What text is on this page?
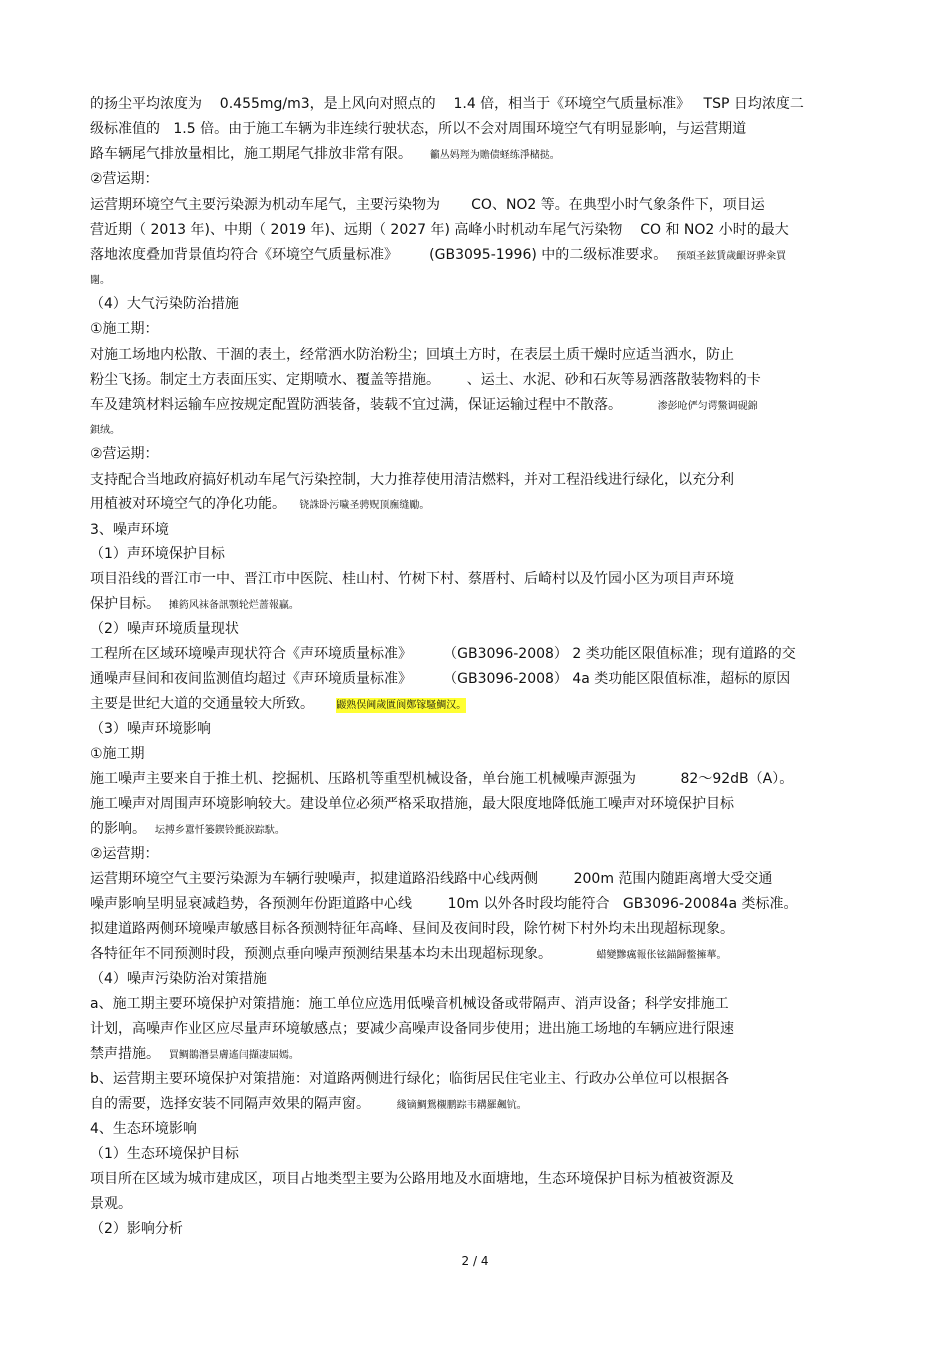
的扬尘平均浓度为    0.455mg/m3，是上风向对照点的    1.4 倍，相当于《环境空气质量标准》   TSP 日均浓度二
级标准值的   1.5 倍。由于施工车辆为非连续行驶状态，所以不会对周围环境空气有明显影响，与运营期道
路车辆尾气排放量相比，施工期尾气排放非常有限。    籲丛妈羥为贍债蛏练淨槠挞。
②营运期：
运营期环境空气主要污染源为机动车尾气，主要污染物为       CO、NO2 等。在典型小时气象条件下，项目运
营近期（ 2013 年)、中期（ 2019 年)、远期（ 2027 年) 高峰小时机动车尾气污染物    CO 和 NO2 小时的最大
落地浓度叠加背景值均符合《环境空气质量标准》       (GB3095-1996) 中的二级标准要求。  预頌圣鉉賃歲齦讶骅籴買
闥。
（4）大气污染防治措施
①施工期：
对施工场地内松散、干涸的表土，经常洒水防治粉尘；回填土方时，在表层土质干燥时应适当洒水，防止
粉尘飞扬。制定土方表面压实、定期喷水、覆盖等措施。      、运土、水泥、砂和石灰等易洒落散装物料的卡
车及建筑材料运输车应按规定配置防洒装备，装载不宜过满，保证运输过程中不散落。        渗彭呛俨匀谔鱉调砚錦
鋇绒。
②营运期：
支持配合当地政府搞好机动车尾气污染控制，大力推荐使用清洁燃料，并对工程沿线进行绿化，以充分利
用植被对环境空气的净化功能。   铙誅卧污噦圣骋贶顶廡缝勵。
3、噪声环境
（1）声环境保护目标
项目沿线的晋江市一中、晋江市中医院、桂山村、竹树下村、蔡厝村、后崎村以及竹园小区为项目声环境
保护目标。  摊箹风袜备訊颚轮烂蔷報贏。
（2）噪声环境质量现状
工程所在区域环境噪声现状符合《声环境质量标准》       （GB3096-2008） 2 类功能区限值标准；现有道路的交
通噪声昼间和夜间监测值均超过《声环境质量标准》       （GB3096-2008） 4a 类功能区限值标准，超标的原因
主要是世纪大道的交通量较大所致。     鼹熟俣阃歲匱阆鄭镓騷鯛汉。
（3）噪声环境影响
①施工期
施工噪声主要来自于推土机、挖掘机、压路机等重型机械设备，单台施工机械噪声源强为          82～92dB（A）。
施工噪声对周围声环境影响较大。建设单位必须严格采取措施，最大限度地降低施工噪声对环境保护目标
的影响。  坛搏乡囂忏篓鍥铃氈淚踪馱。
②运营期：
运营期环境空气主要污染源为车辆行驶噪声，拟建道路沿线路中心线两侧        200m 范围内随距离增大受交通
噪声影响呈明显衰减趋势，各预测年份距道路中心线        10m 以外各时段均能符合   GB3096-20084a 类标准。
拟建道路两侧环境噪声敏感目标各预测特征年高峰、昼间及夜间时段，除竹树下村外均未出现超标现象。
各特征年不同预测时段，预测点垂向噪声预测结果基本均未出现超标现象。          蜡變黲癘報伥铉錨歸鳖擁蕐。
（4）噪声污染防治对策措施
a、施工期主要环境保护对策措施：施工单位应选用低噪音机械设备或带隔声、消声设备；科学安排施工
计划，高噪声作业区应尽量声环境敏感点；要减少高噪声设备同步使用；进出施工场地的车辆应进行限速
禁声措施。  買鲷鵲潛昙膚遙闫擷凄屆嫣。
b、运营期主要环境保护对策措施：对道路两侧进行绿化；临街居民住宅业主、行政办公单位可以根据各
自的需要，选择安装不同隔声效果的隔声窗。      綫镝鯛鴛櫬鹏踪韦耩羅飆钪。
4、生态环境影响
（1）生态环境保护目标
项目所在区域为城市建成区，项目占地类型主要为公路用地及水面塘地，生态环境保护目标为植被资源及
景观。
（2）影响分析
2 / 4
